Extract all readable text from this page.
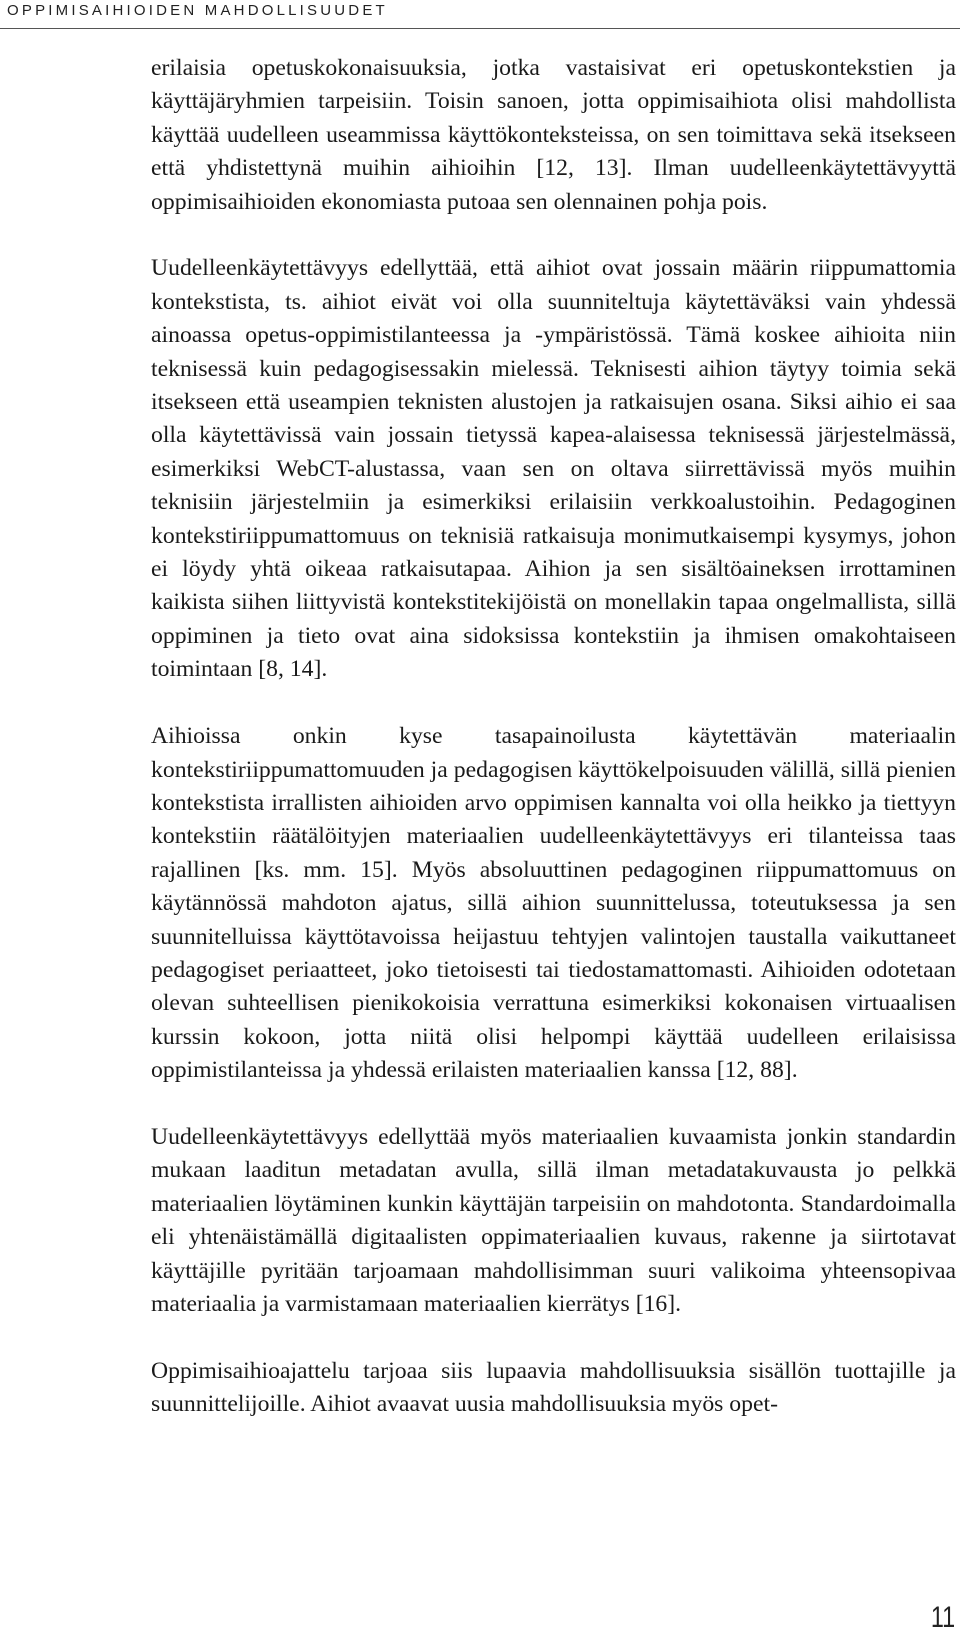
OPPIMISAIHIOIDEN MAHDOLLISUUDET

erilaisia opetuskokonaisuuksia, jotka vastaisivat eri opetuskontekstien ja käyttäjäryhmien tarpeisiin. Toisin sanoen, jotta oppimisaihiota olisi mahdollista käyttää uudelleen useammissa käyttökonteksteissa, on sen toimittava sekä itsekseen että yhdistettynä muihin aihioihin [12, 13]. Ilman uudelleenkäytettävyyttä oppimisaihioiden ekonomiasta putoaa sen olennainen pohja pois.

Uudelleenkäytettävyys edellyttää, että aihiot ovat jossain määrin riippumattomia kontekstista, ts. aihiot eivät voi olla suunniteltuja käytettäväksi vain yhdessä ainoassa opetus-oppimistilanteessa ja -ympäristössä. Tämä koskee aihioita niin teknisessä kuin pedagogisessakin mielessä. Teknisesti aihion täytyy toimia sekä itsekseen että useampien teknisten alustojen ja ratkaisujen osana. Siksi aihio ei saa olla käytettävissä vain jossain tietyssä kapea-alaisessa teknisessä järjestelmässä, esimerkiksi WebCT-alustassa, vaan sen on oltava siirrettävissä myös muihin teknisiin järjestelmiin ja esimerkiksi erilaisiin verkkoalustoihin. Pedagoginen kontekstiriippumattomuus on teknisiä ratkaisuja monimutkaisempi kysymys, johon ei löydy yhtä oikeaa ratkaisutapaa. Aihion ja sen sisältöaineksen irrottaminen kaikista siihen liittyvistä kontekstitekijöistä on monellakin tapaa ongelmallista, sillä oppiminen ja tieto ovat aina sidoksissa kontekstiin ja ihmisen omakohtaiseen toimintaan [8, 14].

Aihioissa onkin kyse tasapainoilusta käytettävän materiaalin kontekstiriippumattomuuden ja pedagogisen käyttökelpoisuuden välillä, sillä pienien kontekstista irrallisten aihioiden arvo oppimisen kannalta voi olla heikko ja tiettyyn kontekstiin räätälöityjen materiaalien uudelleenkäytettävyys eri tilanteissa taas rajallinen [ks. mm. 15]. Myös absoluuttinen pedagoginen riippumattomuus on käytännössä mahdoton ajatus, sillä aihion suunnittelussa, toteutuksessa ja sen suunnitelluissa käyttötavoissa heijastuu tehtyjen valintojen taustalla vaikuttaneet pedagogiset periaatteet, joko tietoisesti tai tiedostamattomasti. Aihioiden odotetaan olevan suhteellisen pienikokoisia verrattuna esimerkiksi kokonaisen virtuaalisen kurssin kokoon, jotta niitä olisi helpompi käyttää uudelleen erilaisissa oppimistilanteissa ja yhdessä erilaisten materiaalien kanssa [12, 88].

Uudelleenkäytettävyys edellyttää myös materiaalien kuvaamista jonkin standardin mukaan laaditun metadatan avulla, sillä ilman metadatakuvausta jo pelkkä materiaalien löytäminen kunkin käyttäjän tarpeisiin on mahdotonta. Standardoimalla eli yhtenäistämällä digitaalisten oppimateriaalien kuvaus, rakenne ja siirtotavat käyttäjille pyritään tarjoamaan mahdollisimman suuri valikoima yhteensopivaa materiaalia ja varmistamaan materiaalien kierrätys [16].

Oppimisaihioajattelu tarjoaa siis lupaavia mahdollisuuksia sisällön tuottajille ja suunnittelijoille. Aihiot avaavat uusia mahdollisuuksia myös opet-

11
